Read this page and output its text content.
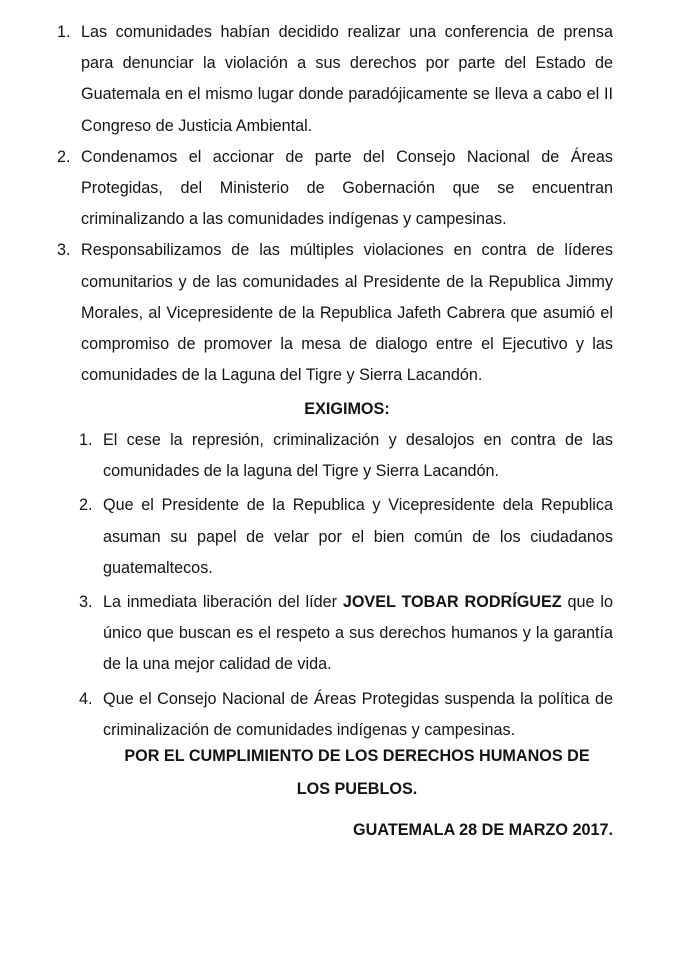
1. Las comunidades habían decidido realizar una conferencia de prensa para denunciar la violación a sus derechos por parte del Estado de Guatemala en el mismo lugar donde paradójicamente se lleva a cabo el II Congreso de Justicia Ambiental.
2. Condenamos el accionar de parte del Consejo Nacional de Áreas Protegidas, del Ministerio de Gobernación que se encuentran criminalizando a las comunidades indígenas y campesinas.
3. Responsabilizamos de las múltiples violaciones en contra de líderes comunitarios y de las comunidades al Presidente de la Republica Jimmy Morales, al Vicepresidente de la Republica Jafeth Cabrera que asumió el compromiso de promover la mesa de dialogo entre el Ejecutivo y las comunidades de la Laguna del Tigre y Sierra Lacandón.
EXIGIMOS:
1. El cese la represión, criminalización y desalojos en contra de las comunidades de la laguna del Tigre y Sierra Lacandón.
2. Que el Presidente de la Republica y Vicepresidente dela Republica asuman su papel de velar por el bien común de los ciudadanos guatemaltecos.
3. La inmediata liberación del líder JOVEL TOBAR RODRÍGUEZ que lo único que buscan es el respeto a sus derechos humanos y la garantía de la una mejor calidad de vida.
4. Que el Consejo Nacional de Áreas Protegidas suspenda la política de criminalización de comunidades indígenas y campesinas.
POR EL CUMPLIMIENTO DE LOS DERECHOS HUMANOS DE LOS PUEBLOS.
GUATEMALA 28 DE MARZO 2017.
